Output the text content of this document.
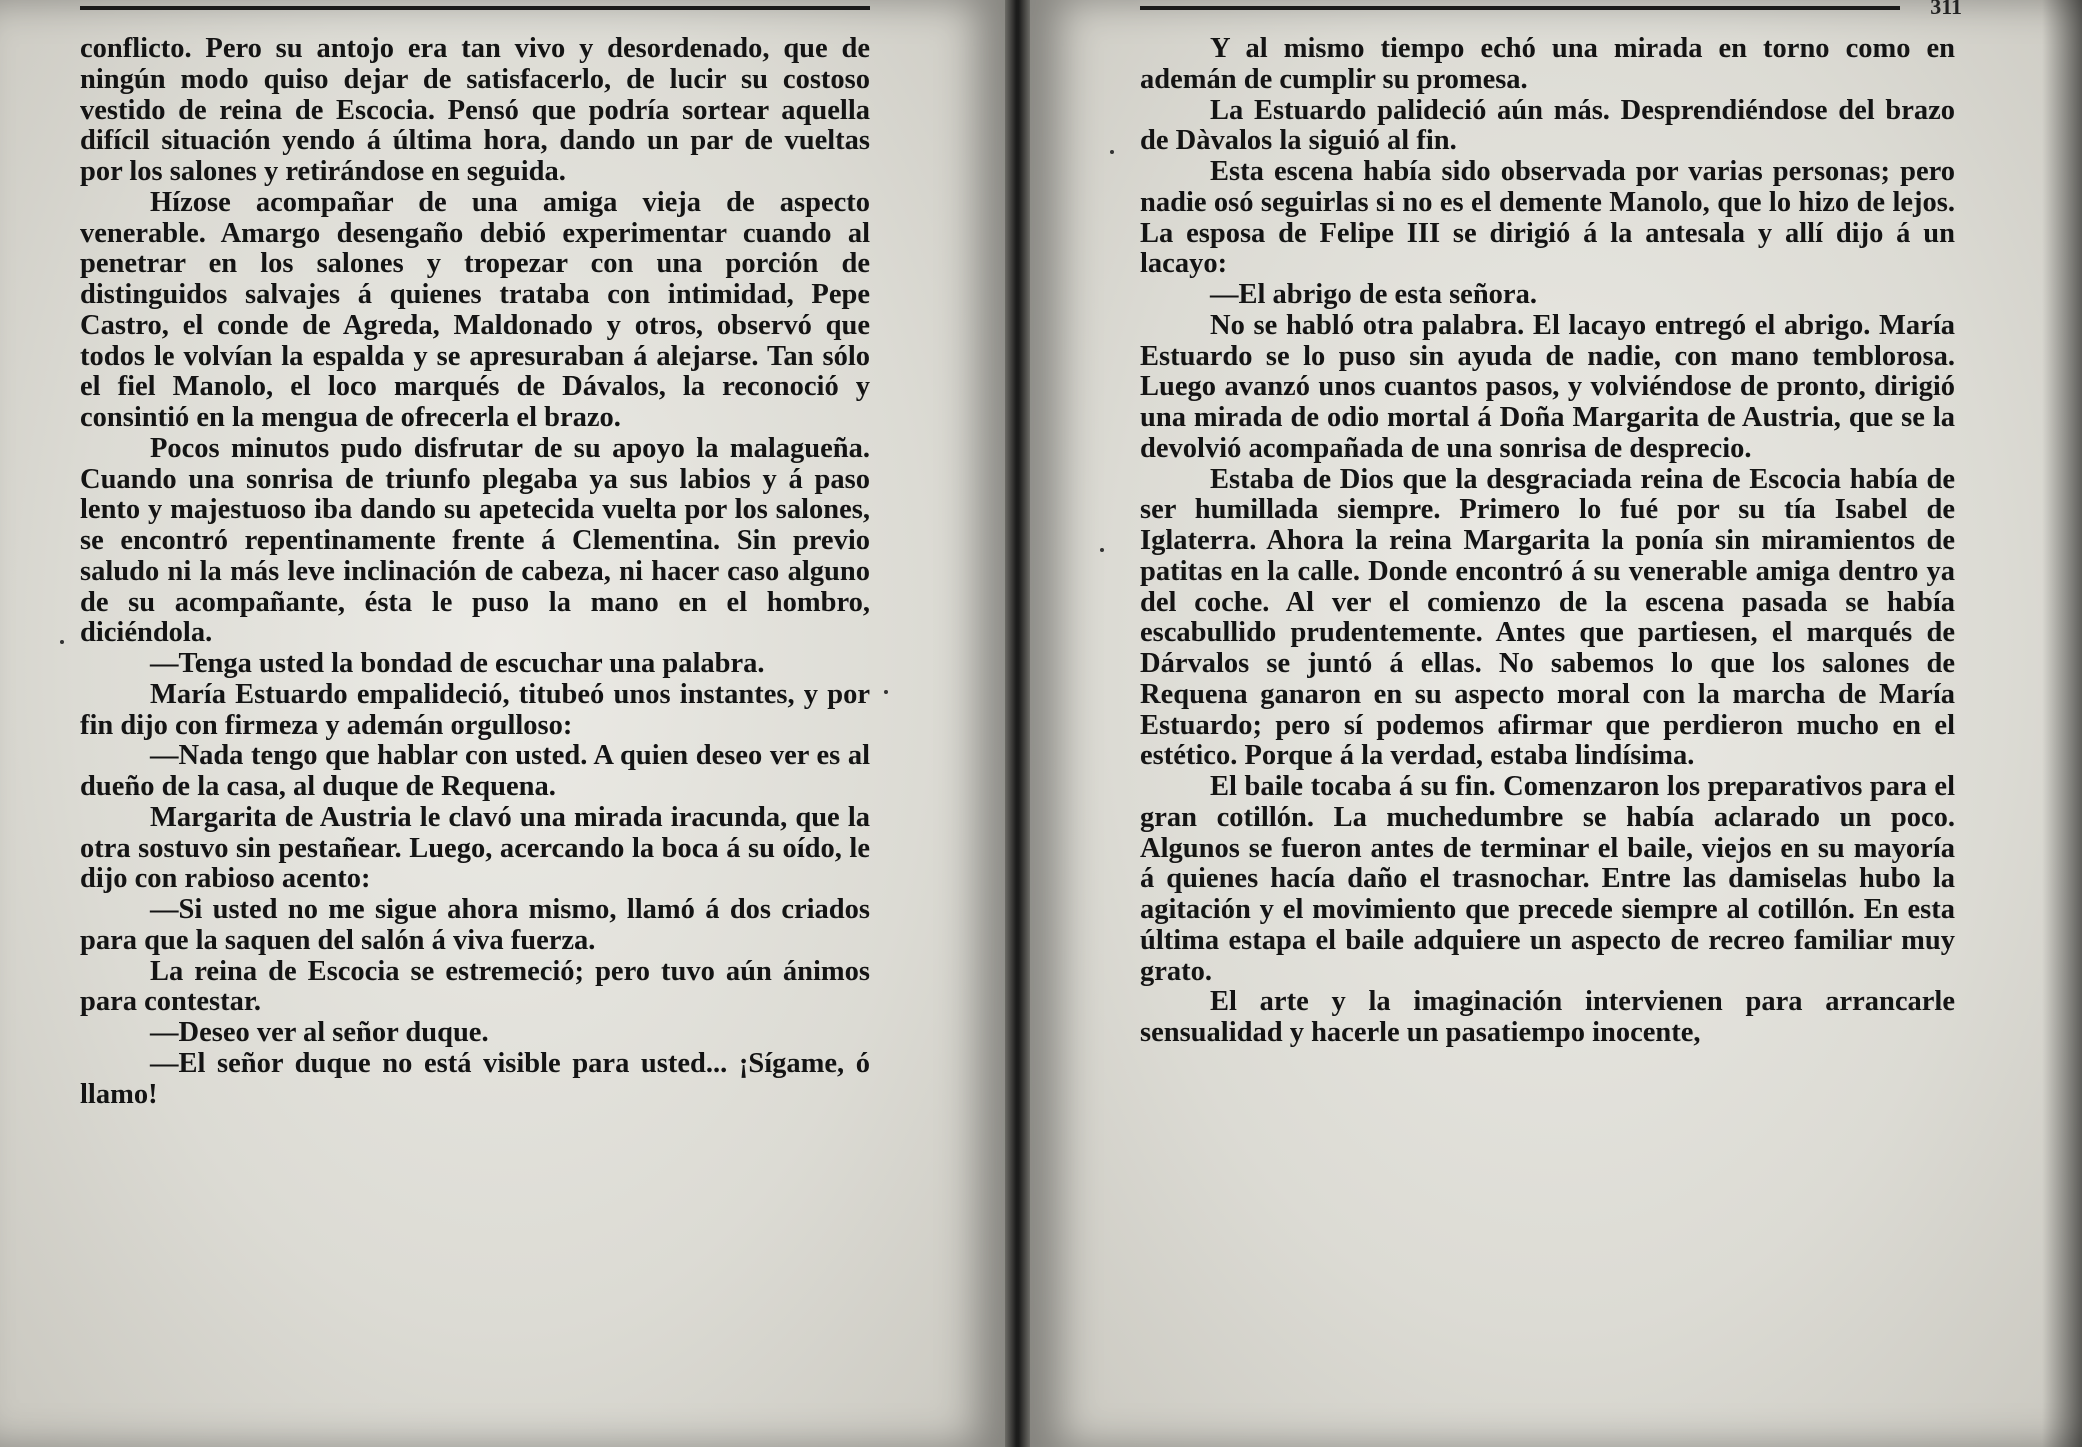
conflicto. Pero su antojo era tan vivo y desordenado, que de ningún modo quiso dejar de satisfacerlo, de lucir su costoso vestido de reina de Escocia. Pensó que podría sortear aquella difícil situación yendo á última hora, dando un par de vueltas por los salones y retirándose en seguida.

Hízose acompañar de una amiga vieja de aspecto venerable. Amargo desengaño debió experimentar cuando al penetrar en los salones y tropezar con una porción de distinguidos salvajes á quienes trataba con intimidad, Pepe Castro, el conde de Agreda, Maldonado y otros, observó que todos le volvían la espalda y se apresuraban á alejarse. Tan sólo el fiel Manolo, el loco marqués de Dávalos, la reconoció y consintió en la mengua de ofrecerla el brazo.

Pocos minutos pudo disfrutar de su apoyo la malagueña. Cuando una sonrisa de triunfo plegaba ya sus labios y á paso lento y majestuoso iba dando su apetecida vuelta por los salones, se encontró repentinamente frente á Clementina. Sin previo saludo ni la más leve inclinación de cabeza, ni hacer caso alguno de su acompañante, ésta le puso la mano en el hombro, diciéndola.

—Tenga usted la bondad de escuchar una palabra.

María Estuardo empalideció, titubeó unos instantes, y por fin dijo con firmeza y ademán orgulloso:

—Nada tengo que hablar con usted. A quien deseo ver es al dueño de la casa, al duque de Requena.

Margarita de Austria le clavó una mirada iracunda, que la otra sostuvo sin pestañear. Luego, acercando la boca á su oído, le dijo con rabioso acento:

—Si usted no me sigue ahora mismo, llamó á dos criados para que la saquen del salón á viva fuerza.

La reina de Escocia se estremeció; pero tuvo aún ánimos para contestar.

—Deseo ver al señor duque.

—El señor duque no está visible para usted... ¡Sígame, ó llamo!

311

Y al mismo tiempo echó una mirada en torno como en ademán de cumplir su promesa.

La Estuardo palideció aún más. Desprendiéndose del brazo de Dàvalos la siguió al fin.

Esta escena había sido observada por varias personas; pero nadie osó seguirlas si no es el demente Manolo, que lo hizo de lejos. La esposa de Felipe III se dirigió á la antesala y allí dijo á un lacayo:

—El abrigo de esta señora.

No se habló otra palabra. El lacayo entregó el abrigo. María Estuardo se lo puso sin ayuda de nadie, con mano temblorosa. Luego avanzó unos cuantos pasos, y volviéndose de pronto, dirigió una mirada de odio mortal á Doña Margarita de Austria, que se la devolvió acompañada de una sonrisa de desprecio.

Estaba de Dios que la desgraciada reina de Escocia había de ser humillada siempre. Primero lo fué por su tía Isabel de Iglaterra. Ahora la reina Margarita la ponía sin miramientos de patitas en la calle. Donde encontró á su venerable amiga dentro ya del coche. Al ver el comienzo de la escena pasada se había escabullido prudentemente. Antes que partiesen, el marqués de Dárvalos se juntó á ellas. No sabemos lo que los salones de Requena ganaron en su aspecto moral con la marcha de María Estuardo; pero sí podemos afirmar que perdieron mucho en el estético. Porque á la verdad, estaba lindísima.

El baile tocaba á su fin. Comenzaron los preparativos para el gran cotillón. La muchedumbre se había aclarado un poco. Algunos se fueron antes de terminar el baile, viejos en su mayoría á quienes hacía daño el trasnochar. Entre las damiselas hubo la agitación y el movimiento que precede siempre al cotillón. En esta última estapa el baile adquiere un aspecto de recreo familiar muy grato.

El arte y la imaginación intervienen para arrancarle sensualidad y hacerle un pasatiempo inocente,
